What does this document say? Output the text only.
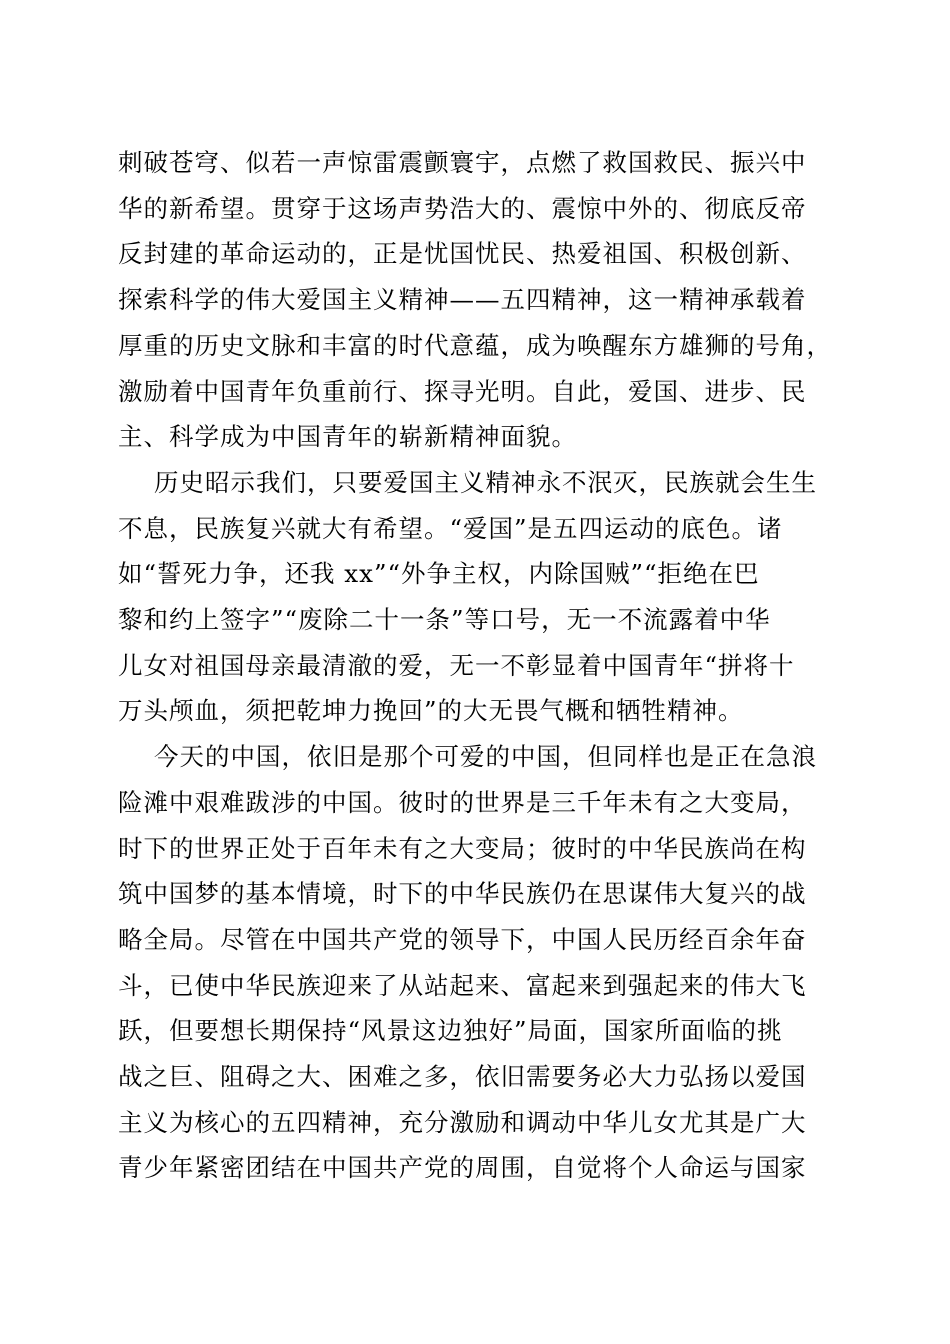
刺破苍穹、似若一声惊雷震颤寰宇，点燃了救国救民、振兴中
华的新希望。贯穿于这场声势浩大的、震惊中外的、彻底反帝
反封建的革命运动的，正是忧国忧民、热爱祖国、积极创新、
探索科学的伟大爱国主义精神——五四精神，这一精神承载着
厚重的历史文脉和丰富的时代意蕴，成为唤醒东方雄狮的号角，
激励着中国青年负重前行、探寻光明。自此，爱国、进步、民
主、科学成为中国青年的崭新精神面貌。
历史昭示我们，只要爱国主义精神永不泯灭，民族就会生生
不息，民族复兴就大有希望。“爱国”是五四运动的底色。诸
如“誓死力争，还我 xx”“外争主权，内除国贼”“拒绝在巴
黎和约上签字”“废除二十一条”等口号，无一不流露着中华
儿女对祖国母亲最清澈的爱，无一不彰显着中国青年“拼将十
万头颅血，须把乾坤力挽回”的大无畏气概和牺牲精神。
今天的中国，依旧是那个可爱的中国，但同样也是正在急浪
险滩中艰难跋涉的中国。彼时的世界是三千年未有之大变局，
时下的世界正处于百年未有之大变局；彼时的中华民族尚在构
筑中国梦的基本情境，时下的中华民族仍在思谋伟大复兴的战
略全局。尽管在中国共产党的领导下，中国人民历经百余年奋
斗，已使中华民族迎来了从站起来、富起来到强起来的伟大飞
跃，但要想长期保持“风景这边独好”局面，国家所面临的挑
战之巨、阻碍之大、困难之多，依旧需要务必大力弘扬以爱国
主义为核心的五四精神，充分激励和调动中华儿女尤其是广大
青少年紧密团结在中国共产党的周围，自觉将个人命运与国家
